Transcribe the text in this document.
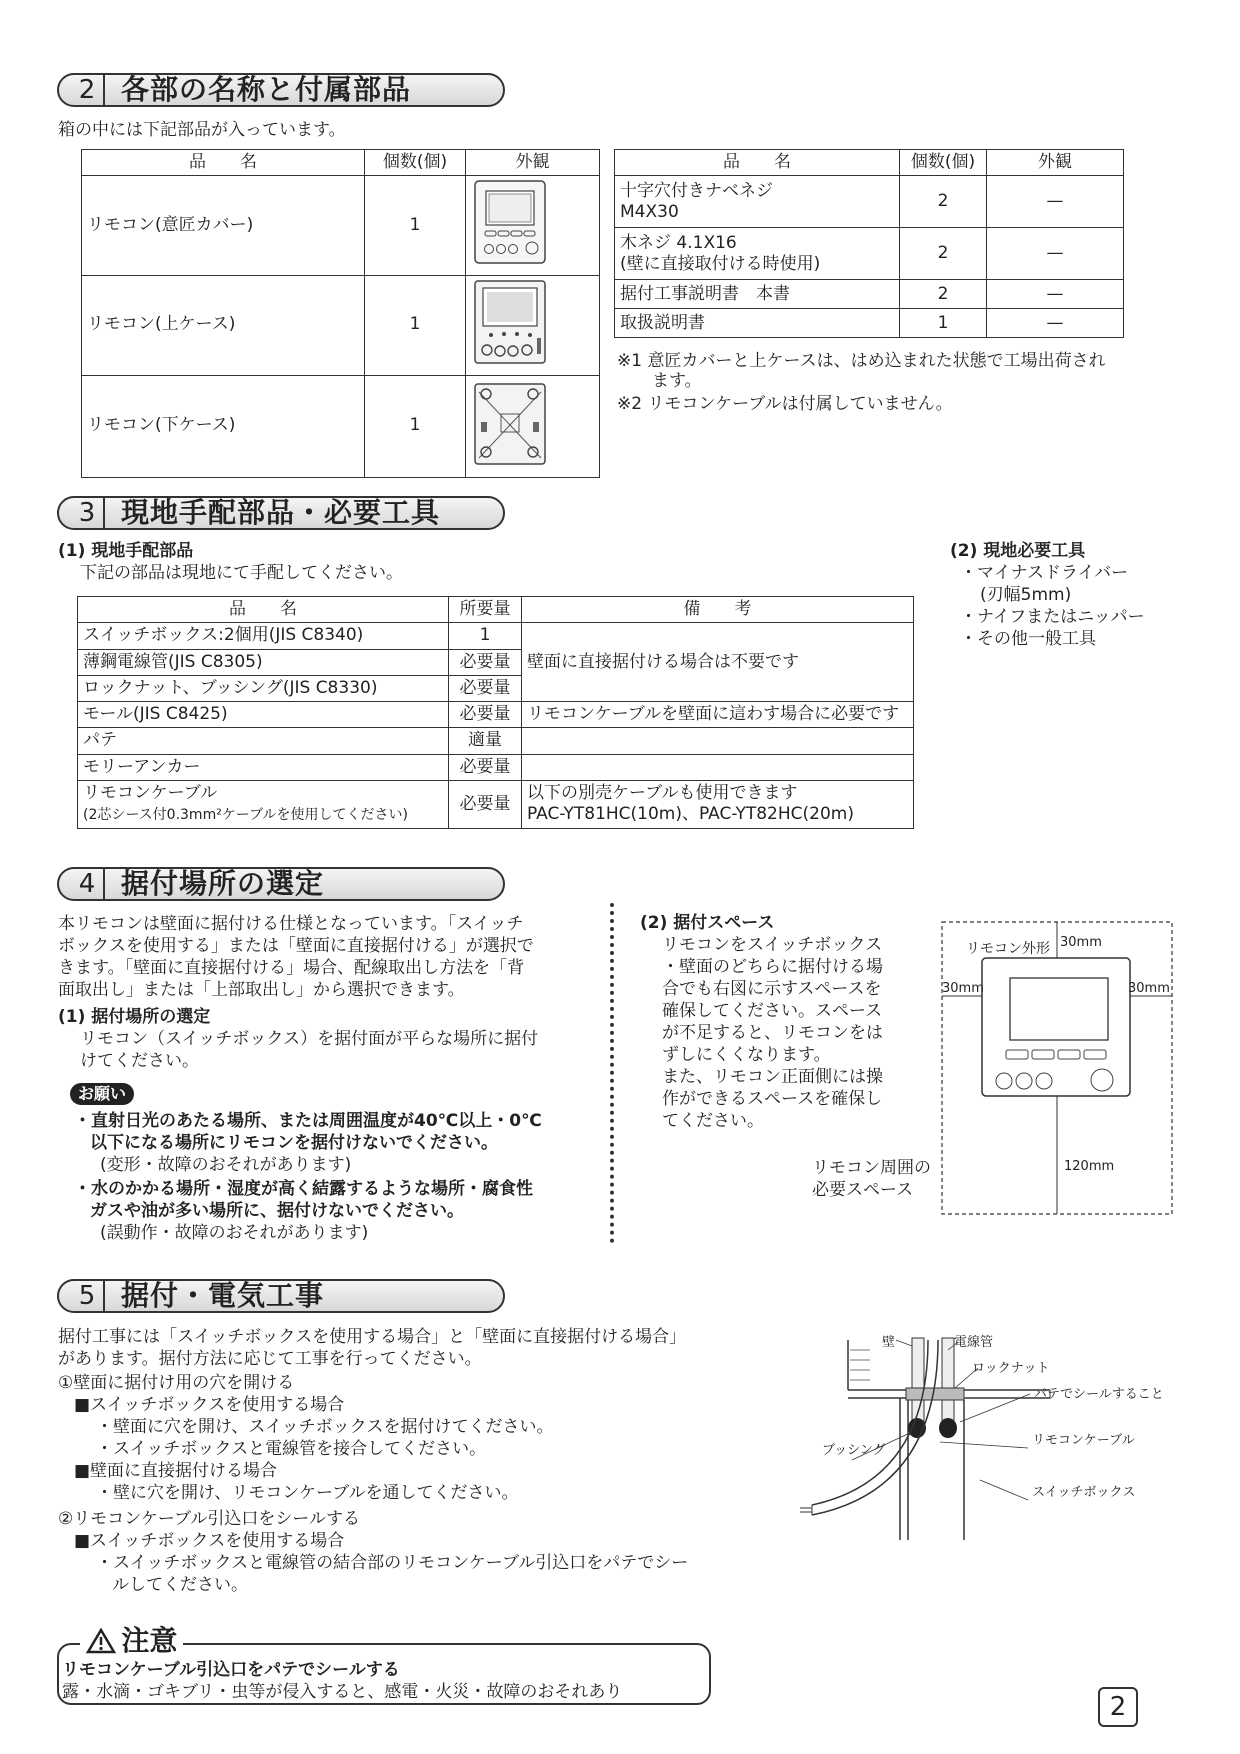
2 各部の名称と付属部品
箱の中には下記部品が入っています。
品　　名	個数(個)	外観
リモコン(意匠カバー)	1	
リモコン(上ケース)	1	
リモコン(下ケース)	1	
品　　名	個数(個)	外観
十字穴付きナベネジ
M4X30	2	—
木ネジ 4.1X16
(壁に直接取付ける時使用)	2	—
据付工事説明書　本書	2	—
取扱説明書	1	—
※1 意匠カバーと上ケースは、はめ込まれた状態で工場出荷され
ます。
※2 リモコンケーブルは付属していません。
3 現地手配部品・必要工具
(1) 現地手配部品
下記の部品は現地にて手配してください。
品　　名	所要量	備　　考
スイッチボックス:2個用(JIS C8340)	1	壁面に直接据付ける場合は不要です
薄鋼電線管(JIS C8305)	必要量	
ロックナット、ブッシング(JIS C8330)	必要量	
モール(JIS C8425)	必要量	リモコンケーブルを壁面に這わす場合に必要です
パテ	適量	
モリーアンカー	必要量	
リモコンケーブル
(2芯シース付0.3mm²ケーブルを使用してください)	必要量	以下の別売ケーブルも使用できます
PAC-YT81HC(10m)、PAC-YT82HC(20m)
(2) 現地必要工具
・マイナスドライバー
(刃幅5mm)
・ナイフまたはニッパー
・その他一般工具
4 据付場所の選定
本リモコンは壁面に据付ける仕様となっています。「スイッチ
ボックスを使用する」または「壁面に直接据付ける」が選択で
きます。「壁面に直接据付ける」場合、配線取出し方法を「背
面取出し」または「上部取出し」から選択できます。
(1) 据付場所の選定
リモコン（スイッチボックス）を据付面が平らな場所に据付
けてください。
お願い
・直射日光のあたる場所、または周囲温度が40℃以上・0℃
以下になる場所にリモコンを据付けないでください。
(変形・故障のおそれがあります)
・水のかかる場所・湿度が高く結露するような場所・腐食性
ガスや油が多い場所に、据付けないでください。
(誤動作・故障のおそれがあります)
(2) 据付スペース
リモコンをスイッチボックス
・壁面のどちらに据付ける場
合でも右図に示すスペースを
確保してください。スペース
が不足すると、リモコンをは
ずしにくくなります。
また、リモコン正面側には操
作ができるスペースを確保し
てください。
リモコン周囲の
必要スペース
リモコン外形 30mm
30mm	30mm
120mm
5 据付・電気工事
据付工事には「スイッチボックスを使用する場合」と「壁面に直接据付ける場合」
があります。据付方法に応じて工事を行ってください。
①壁面に据付け用の穴を開ける
■スイッチボックスを使用する場合
・壁面に穴を開け、スイッチボックスを据付けてください。
・スイッチボックスと電線管を接合してください。
■壁面に直接据付ける場合
・壁に穴を開け、リモコンケーブルを通してください。
②リモコンケーブル引込口をシールする
■スイッチボックスを使用する場合
・スイッチボックスと電線管の結合部のリモコンケーブル引込口をパテでシー
ルしてください。
壁	電線管
ロックナット
パテでシールすること
ブッシング
リモコンケーブル
スイッチボックス
注意
リモコンケーブル引込口をパテでシールする
露・水滴・ゴキブリ・虫等が侵入すると、感電・火災・故障のおそれあり	2
